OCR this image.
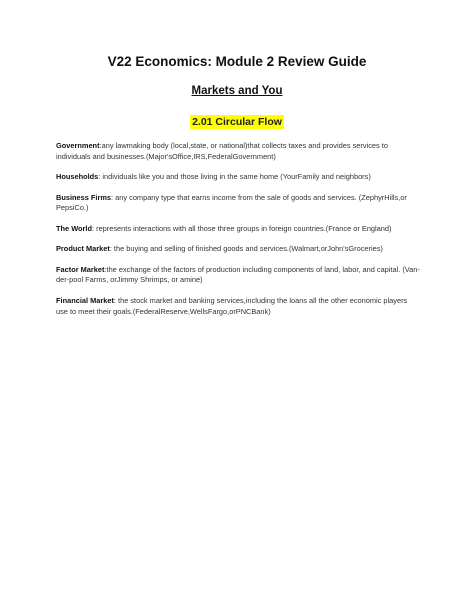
V22 Economics: Module 2 Review Guide
Markets and You
2.01 Circular Flow

Government:any lawmaking body (local,state, or national)that collects taxes and provides services to individuals and businesses.(Major'sOffice,IRS,FederalGovernment)

Households: individuals like you and those living in the same home (YourFamily and neighbors)

Business Firms: any company type that earns income from the sale of goods and services. (ZephyrHills,or PepsiCo.)

The World: represents interactions with all those three groups in foreign countries.(France or England)

Product Market: the buying and selling of finished goods and services.(Walmart,orJohn'sGroceries)

Factor Market:the exchange of the factors of production including components of land, labor, and capital. (Van-der-pool Farms, orJimmy Shrimps, or amine)

Financial Market: the stock market and banking services,including the loans all the other economic players use to meet their goals.(FederalReserve,WellsFargo,orPNCBank)
